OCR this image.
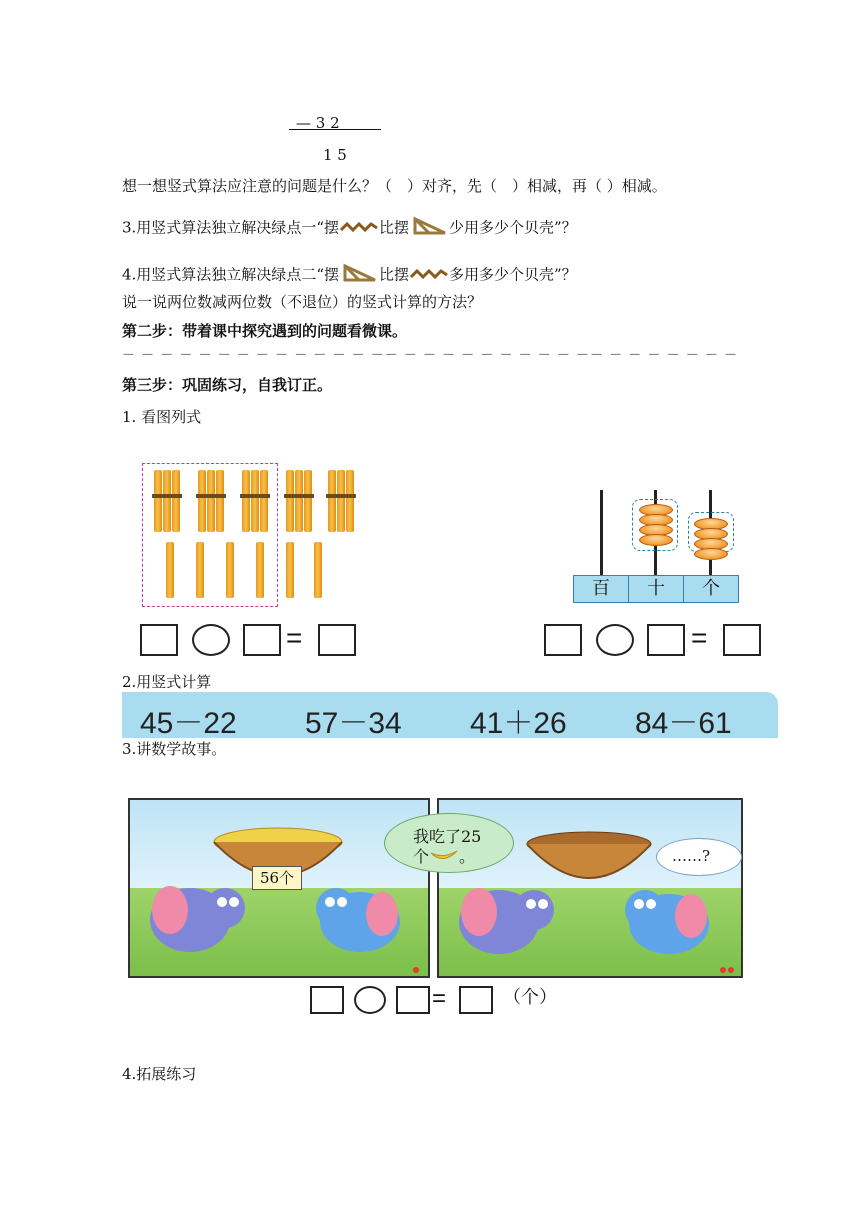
— 3 2
1 5
想一想竖式算法应注意的问题是什么？（　）对齐，先（　）相减，再（ ）相减。
3.用竖式算法独立解决绿点一“摆	比摆	少用多少个贝壳”？
4.用竖式算法独立解决绿点二“摆	比摆	多用多少个贝壳”？
说一说两位数减两位数（不退位）的竖式计算的方法？
第二步：带着课中探究遇到的问题看微课。
－ － － － － － － － － － － － － －－ － － － － － － － － － －－ － － － － － － －
第三步：巩固练习，自我订正。
1. 看图列式
百	十	个
=	=
2.用竖式计算
45－22 57－34 41＋26 84－61
3.讲数学故事。
56个
我吃了25
个 。	……?
=	（个）
4.拓展练习
